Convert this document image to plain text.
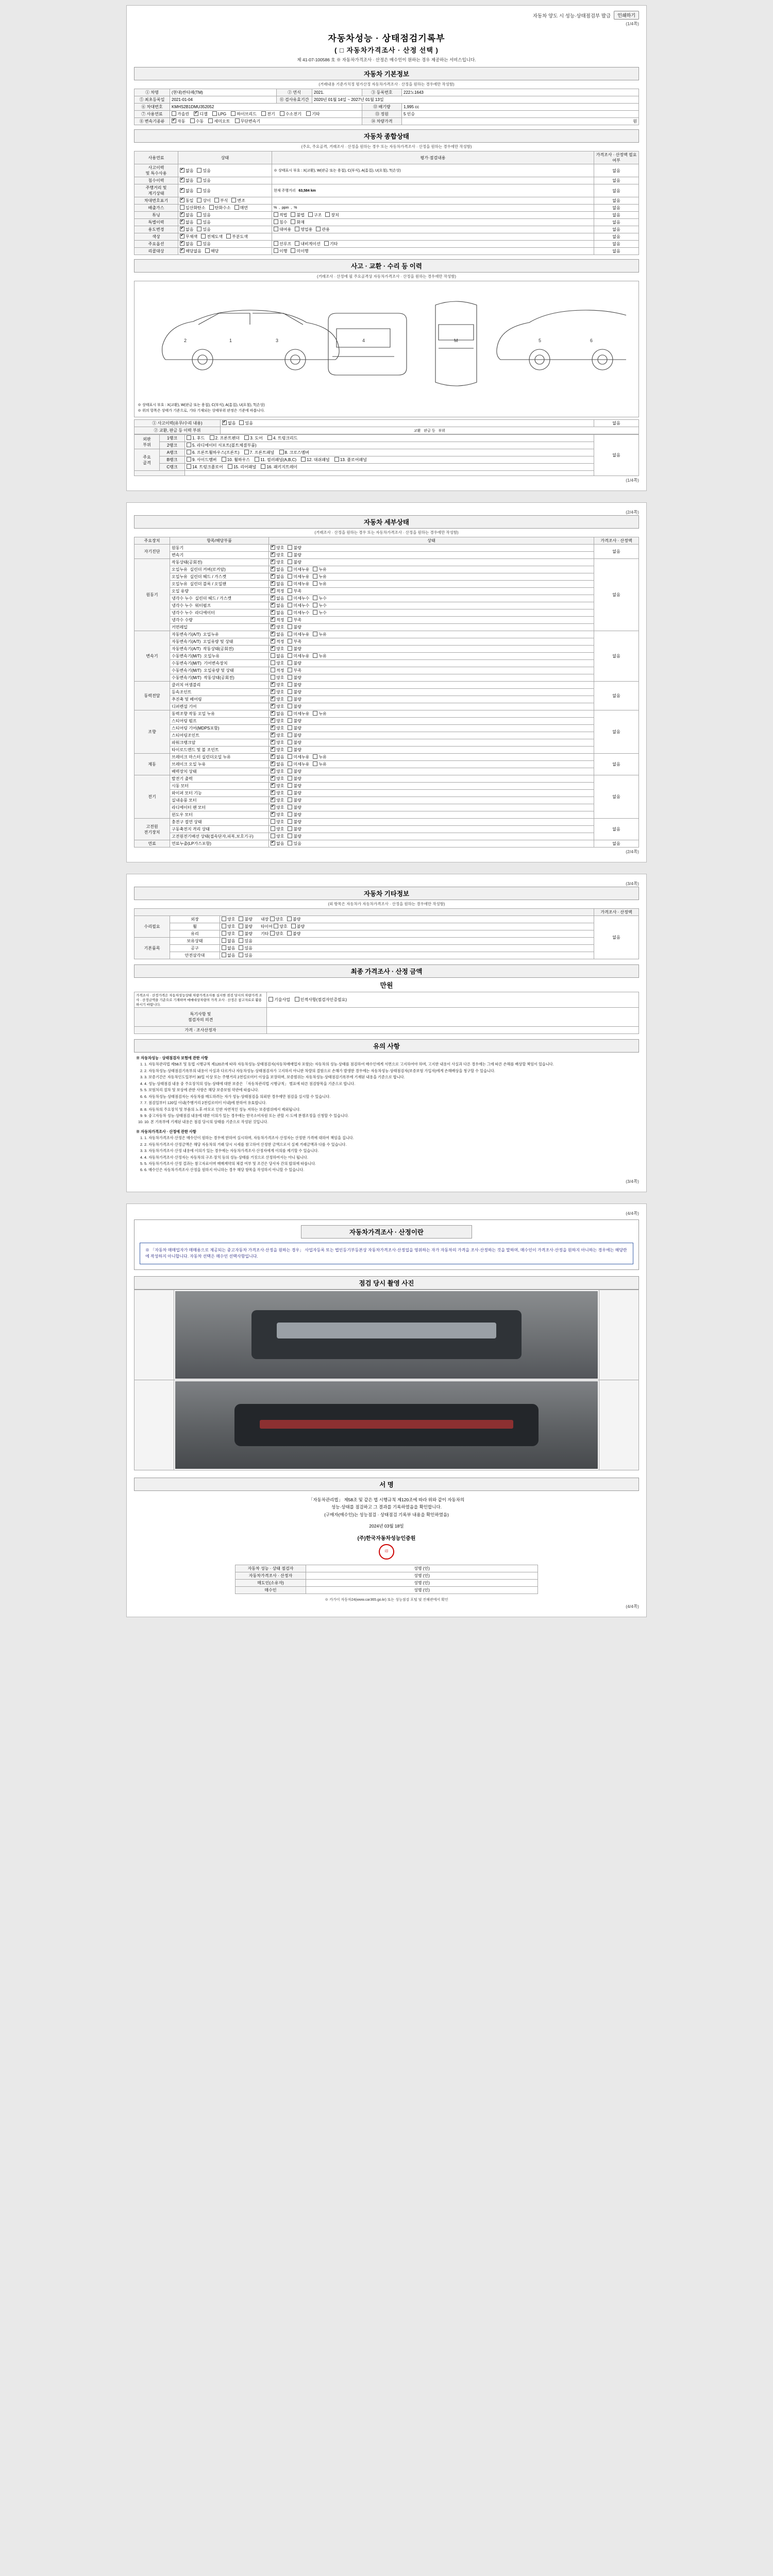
자동차 양도 시 성능·상태점검부 발급	인쇄하기
(1/4쪽)
자동차성능 · 상태점검기록부
( □ 자동차가격조사 · 산정 선택 )
제 41-07-100586 호 ※ 자동차가격조사 · 산정은 매수인이 원하는 경우 제공하는 서비스입니다.
자동차 기본정보
(거래내용 기준가치정 평가산정 자동차가격조사 · 산정을 원하는 경우에만 작성함)
① 차명	(현대)싼타페(TM)	② 연식	2021.	③ 등록번호	222노1643
⑤ 최초등록일	2021-01-04	⑪ 검사유효기간	2020년 01월 14일 ~ 2027년 01월 13일		
⑥ 차대번호	KMHS2B1DMU352052			⑫ 배기량	1,995 cc
⑦ 사용연료	가솔린 ✔ 디젤 LPG 하이브리드 전기 수소전기 기타			⑬ 정원	5 인승
⑧ 변속기종류	✔자동 수동 세미오토 무단변속기			⑭ 차량가격	원
자동차 종합상태
(주요, 주요골격, 거래조사 · 산정을 원하는 경우 또는 자동차가격조사 · 산정을 원하는 경우에만 작성함)
사용연료	상태	평가·점검내용	가격조사 · 산정액 필요 여부
사고이력
및 특수사용	✔없음 있음	※ 상태표시 부호 : X(교환), W(판금 또는 용접), C(부식), A(흠집), U(요철), T(손상)	없음
침수이력	✔없음 있음		없음
주행거리 및
계기상태	✔없음 있음	현재 주행거리   63,584 km	없음
차대번호표기	✔동일 상이 부식 변조		없음
배출가스	일산화탄소 탄화수소 매연	%  ,  ppm  ,  %	없음
튜닝	✔없음 있음	적법 불법 구조 장치	없음
특별이력	✔없음 있음	침수 화재	없음
용도변경	✔없음 있음	대여용 영업용 관용	없음
색상	✔무채색 전체도색 부분도색		없음
주요옵션	✔없음 있음	선루프 내비게이션 기타	없음
리콜대상	✔해당없음 해당	이행 미이행	없음
사고 · 교환 · 수리 등 이력
(거래조사 · 산정에 필 주요골격상 자동차가격조사 · 산정을 원하는 경우에만 작성함)
1
2	3	4	M	5	6
※ 상태표시 부호 : X(교환), W(판금 또는 용접), C(부식), A(흠집), U(요철), T(손상)
※ 위의 항목은 상태가 기준으로, 기타 기재되는 상태부위 판정은 기준에 따릅니다.
① 사고이력(유무/수리 내용)	✔없음 있음	없음
② 교환, 판금 등 이력 부위	교환   판금 등   부위	
외판
부위	1랭크	1. 후드 2. 프론트펜더 3. 도어 4. 트렁크리드	없음
	2랭크	5. 라디에이터 서포트(볼트체결부품)	
주요
골격	A랭크	6. 프론트휠하우스(프론트) 7. 프론트패널 8. 크로스멤버	
	B랭크	9. 사이드멤버 10. 휠하우스 11. 필러패널(A,B,C) 12. 대쉬패널 13. 플로어패널	
	C랭크	14. 트렁크플로어 15. 리어패널 16. 패키지트레이	

(1/4쪽)
(2/4쪽)
자동차 세부상태
(거래조사 · 산정을 원하는 경우 또는 자동차가격조사 · 산정을 원하는 경우에만 작성함)
주요장치	항목/해당부품	상태	가격조사 · 산정액
자기진단	원동기	✔양호 불량	없음
	변속기	✔양호 불량
원동기	작동상태(공회전)	✔양호 불량	없음
	오일누유  실린더 커버(로커암)	✔없음 미세누유 누유
	오일누유  실린더 헤드 / 가스켓	✔없음 미세누유 누유
	오일누유  실린더 블록 / 오일팬	✔없음 미세누유 누유
	오일 유량	✔적정 부족
	냉각수 누수  실린더 헤드 / 가스켓	✔없음 미세누수 누수
	냉각수 누수  워터펌프	✔없음 미세누수 누수
	냉각수 누수  라디에이터	✔없음 미세누수 누수
	냉각수 수량	✔적정 부족
	커먼레일	✔양호 불량
변속기	자동변속기(A/T)  오일누유	✔없음 미세누유 누유	없음
	자동변속기(A/T)  오일유량 및 상태	✔적정 부족
	자동변속기(A/T)  작동상태(공회전)	✔양호 불량
	수동변속기(M/T)  오일누유	없음 미세누유 누유	
	수동변속기(M/T)  기어변속장치	양호 불량	
	수동변속기(M/T)  오일유량 및 상태	적정 부족	
	수동변속기(M/T)  작동상태(공회전)	양호 불량	
동력전달	클러치 어셈블리	✔양호 불량	없음
	등속조인트	✔양호 불량
	추진축 및 베어링	✔양호 불량
	디퍼렌셜 기어	✔양호 불량
조향	동력조향 작동 오일 누유	✔없음 미세누유 누유	없음
	스티어링 펌프	✔양호 불량
	스티어링 기어(MDPS포함)	✔양호 불량
	스티어링조인트	✔양호 불량
	파워크랭크암	✔양호 불량
	타이로드엔드 및 볼 조인트	✔양호 불량
제동	브레이크 마스터 실린더오일 누유	✔없음 미세누유 누유	없음
	브레이크 오일 누유	✔없음 미세누유 누유
	배력장치 상태	✔양호 불량
전기	발전기 출력	✔양호 불량	없음
	시동 모터	✔양호 불량
	와이퍼 모터 기능	✔양호 불량
	실내송풍 모터	✔양호 불량
	라디에이터 팬 모터	✔양호 불량
	윈도우 모터	✔양호 불량
고전원
전기장치	충전구 절연 상태	양호 불량	없음
	구동축전지 격리 상태	양호 불량	
	고전원전기배선 상태(접속단자,피복,보호기구)	양호 불량	
연료	연료누출(LP가스포함)	✔없음 있음	없음
(2/4쪽)
(3/4쪽)
자동차 기타정보
(외 항목은 자동차가 자동차가격조사 · 산정을 원하는 경우에만 작성함)
			가격조사 · 산정액
수리필요	외장	양호 불량    내장 양호 불량	없음
	휠	양호 불량    타이어 양호 불량	
	유리	양호 불량    기타 양호 불량	
기본품목	보유상태	없음 있음	
	공구	없음 있음	
	안전삼각대	없음 있음	
최종 가격조사 · 산정 금액
만원
가격조사 · 산정가격은 자동차성능상태 차량가격조사를 실시한 점검 당시의 차량가격 조사 · 산정금액을 기준으로 기재하며 매매대상차량의 가격 조사 · 산정은 참고자료로 활용하시기 바랍니다.	기술사업 인적사항(점검자인증필요)
특기사항 및
점검자의 의견	
가격 · 조사산정자	
유의 사항
※ 자동차성능 · 상태점검자 보험에 관한 사항
1. 1. 자동차관리법 제58조 및 동법 시행규칙 제120조에 따라 자동차성능·상태점검자(자동차매매업자 포함)는 자동차의 성능·상태를 점검하여 매수인에게 서면으로 고지하여야 하며, 고지한 내용이 사실과 다른 경우에는 그에 따른 손해를 배상할 책임이 있습니다.
2. 2. 자동차성능·상태점검기록부의 내용이 사실과 다르거나 자동차성능·상태점검자가 고지하지 아니한 차량의 결함으로 손해가 발생한 경우에는 자동차성능·상태점검자(보증보험 가입자)에게 손해배상을 청구할 수 있습니다.
3. 3. 보증기간은 자동차인도일부터 30일 이상 또는 주행거리 2천킬로미터 이상을 보장하며, 보증범위는 자동차성능·상태점검기록부에 기재된 내용을 기준으로 합니다.
4. 4. 성능·상태점검 내용 중 주요장치의 성능·상태에 대한 보증은 「자동차관리법 시행규칙」 별표에 따른 점검항목을 기준으로 합니다.
5. 5. 보험처리 절차 및 보상에 관한 사항은 해당 보증보험 약관에 따릅니다.
6. 6. 자동차성능·상태점검자는 자동차를 매도하려는 자가 성능·상태점검을 의뢰한 경우에만 점검을 실시할 수 있습니다.
7. 7. 점검일부터 120일 이내(주행거리 2천킬로미터 이내)에 한하여 유효합니다.
8. 8. 자동차의 주요장치 및 부품의 노후·마모로 인한 자연적인 성능 저하는 보증범위에서 제외됩니다.
9. 9. 중고자동차 성능·상태점검 내용에 대한 이의가 있는 경우에는 한국소비자원 또는 관할 시·도에 분쟁조정을 신청할 수 있습니다.
10. 10. 본 기록부에 기재된 내용은 점검 당시의 상태를 기준으로 작성된 것입니다.
※ 자동차가격조사 · 산정에 관한 사항
1. 1. 자동차가격조사·산정은 매수인이 원하는 경우에 한하여 실시하며, 자동차가격조사·산정자는 산정한 가격에 대하여 책임을 집니다.
2. 2. 자동차가격조사·산정금액은 해당 자동차의 거래 당시 시세를 참고하여 산정한 금액으로서 실제 거래금액과 다를 수 있습니다.
3. 3. 자동차가격조사·산정 내용에 이의가 있는 경우에는 자동차가격조사·산정자에게 이의를 제기할 수 있습니다.
4. 4. 자동차가격조사·산정자는 자동차의 구조·장치 등의 성능·상태를 거짓으로 산정하여서는 아니 됩니다.
5. 5. 자동차가격조사·산정 결과는 참고자료이며 매매계약의 체결 여부 및 조건은 당사자 간의 합의에 따릅니다.
6. 6. 매수인은 자동차가격조사·산정을 원하지 아니하는 경우 해당 항목을 작성하지 아니할 수 있습니다.
(3/4쪽)
(4/4쪽)
자동차가격조사 · 산정이란
※ 「자동차 매매업자가 매매용으로 제공되는 중고자동차 가격조사·산정을 원하는 경우」 사업자등록 또는 법인등기부등본상 자동차가격조사·산정업을 영위하는 자가 자동차의 가격을 조사·산정하는 것을 말하며, 매수인이 가격조사·산정을 원하지 아니하는 경우에는 해당란에 작성하지 아니합니다. 자동차 선택은 매수인 선택사항입니다.
점검 당시 촬영 사진

서 명
「자동차관리법」 제58조 및 같은 법 시행규칙 제120조에 따라 위와 같이 자동차의
성능·상태를 점검하고 그 결과를 기록하였음을 확인합니다.
(구매자(매수인)는 성능점검 · 상태점검 기록부 내용을 확인하였음)
2024년 03월 18일
(주)한국자동차성능인증원
印
자동차 성능 · 상태 점검자	성명 (인)
자동차가격조사 · 산정자	성명 (인)
매도인(소유자)	성명 (인)
매수인	성명 (인)
※ 카가이 자동차24(www.car365.go.kr) 또는 성능점검 포털 및 진해관에서 확인
(4/4쪽)
